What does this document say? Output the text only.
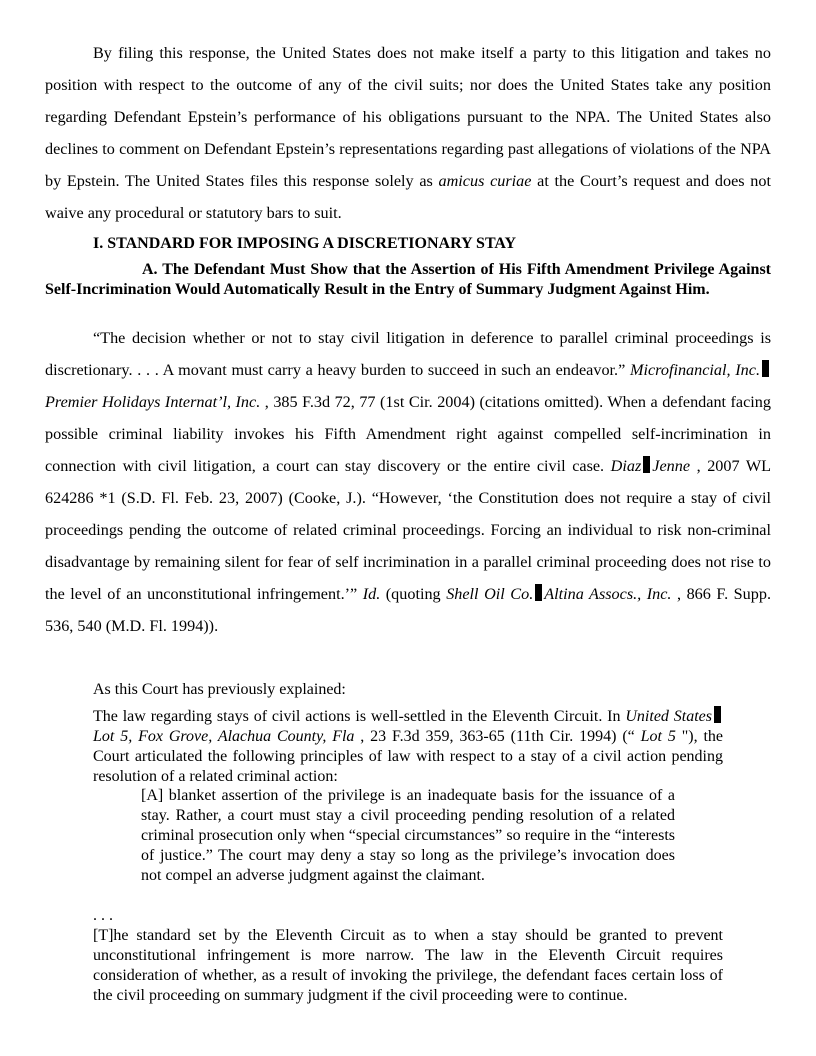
By filing this response, the United States does not make itself a party to this litigation and takes no position with respect to the outcome of any of the civil suits; nor does the United States take any position regarding Defendant Epstein’s performance of his obligations pursuant to the NPA. The United States also declines to comment on Defendant Epstein’s representations regarding past allegations of violations of the NPA by Epstein. The United States files this response solely as amicus curiae at the Court’s request and does not waive any procedural or statutory bars to suit.

I. STANDARD FOR IMPOSING A DISCRETIONARY STAY

A. The Defendant Must Show that the Assertion of His Fifth Amendment Privilege Against Self-Incrimination Would Automatically Result in the Entry of Summary Judgment Against Him.

“The decision whether or not to stay civil litigation in deference to parallel criminal proceedings is discretionary. . . . A movant must carry a heavy burden to succeed in such an endeavor.” Microfinancial, Inc.Premier Holidays Internat’l, Inc. , 385 F.3d 72, 77 (1st Cir. 2004) (citations omitted). When a defendant facing possible criminal liability invokes his Fifth Amendment right against compelled self-incrimination in connection with civil litigation, a court can stay discovery or the entire civil case. Diaz Jenne , 2007 WL 624286 *1 (S.D. Fl. Feb. 23, 2007) (Cooke, J.). “However, ‘the Constitution does not require a stay of civil proceedings pending the outcome of related criminal proceedings. Forcing an individual to risk non-criminal disadvantage by remaining silent for fear of self incrimination in a parallel criminal proceeding does not rise to the level of an unconstitutional infringement.’” Id. (quoting Shell Oil Co. Altina Assocs., Inc. , 866 F. Supp. 536, 540 (M.D. Fl. 1994)).

As this Court has previously explained:

The law regarding stays of civil actions is well-settled in the Eleventh Circuit. In United StatesLot 5, Fox Grove, Alachua County, Fla , 23 F.3d 359, 363-65 (11th Cir. 1994) (“ Lot 5 "), the Court articulated the following principles of law with respect to a stay of a civil action pending resolution of a related criminal action:

[A] blanket assertion of the privilege is an inadequate basis for the issuance of a stay. Rather, a court must stay a civil proceeding pending resolution of a related criminal prosecution only when “special circumstances” so require in the “interests of justice.” The court may deny a stay so long as the privilege’s invocation does not compel an adverse judgment against the claimant.

. . .

[T]he standard set by the Eleventh Circuit as to when a stay should be granted to prevent unconstitutional infringement is more narrow. The law in the Eleventh Circuit requires consideration of whether, as a result of invoking the privilege, the defendant faces certain loss of the civil proceeding on summary judgment if the civil proceeding were to continue.
